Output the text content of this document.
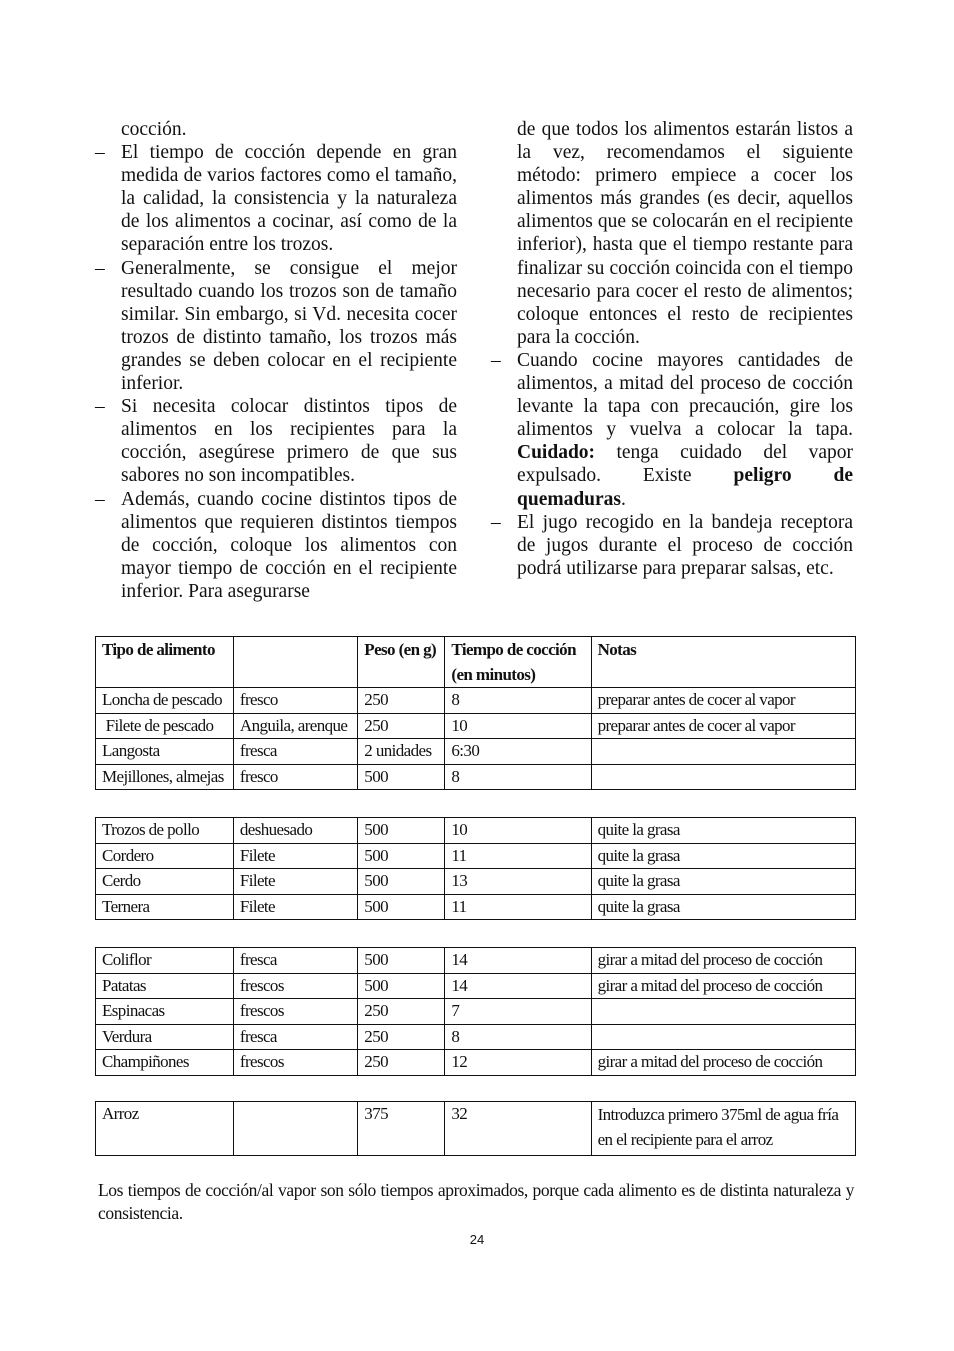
cocción.

– El tiempo de cocción depende en gran medida de varios factores como el tamaño, la calidad, la consistencia y la naturaleza de los alimentos a cocinar, así como de la separación entre los trozos.

– Generalmente, se consigue el mejor resultado cuando los trozos son de tamaño similar. Sin embargo, si Vd. necesita cocer trozos de distinto tamaño, los trozos más grandes se deben colocar en el recipiente inferior.

– Si necesita colocar distintos tipos de alimentos en los recipientes para la cocción, asegúrese primero de que sus sabores no son incompatibles.

– Además, cuando cocine distintos tipos de alimentos que requieren distintos tiempos de cocción, coloque los alimentos con mayor tiempo de cocción en el recipiente inferior. Para asegurarse

de que todos los alimentos estarán listos a la vez, recomendamos el siguiente método: primero empiece a cocer los alimentos más grandes (es decir, aquellos alimentos que se colocarán en el recipiente inferior), hasta que el tiempo restante para finalizar su cocción coincida con el tiempo necesario para cocer el resto de alimentos; coloque entonces el resto de recipientes para la cocción.

– Cuando cocine mayores cantidades de alimentos, a mitad del proceso de cocción levante la tapa con precaución, gire los alimentos y vuelva a colocar la tapa. Cuidado: tenga cuidado del vapor expulsado. Existe peligro de quemaduras.

– El jugo recogido en la bandeja receptora de jugos durante el proceso de cocción podrá utilizarse para preparar salsas, etc.

Tipo de alimento		Peso (en g)	Tiempo de cocción (en minutos)	Notas
Loncha de pescado	fresco	250	8	preparar antes de cocer al vapor
Filete de pescado	Anguila, arenque	250	10	preparar antes de cocer al vapor
Langosta	fresca	2 unidades	6:30	
Mejillones, almejas	fresco	500	8	
Trozos de pollo	deshuesado	500	10	quite la grasa
Cordero	Filete	500	11	quite la grasa
Cerdo	Filete	500	13	quite la grasa
Ternera	Filete	500	11	quite la grasa
Coliflor	fresca	500	14	girar a mitad del proceso de cocción
Patatas	frescos	500	14	girar a mitad del proceso de cocción
Espinacas	frescos	250	7	
Verdura	fresca	250	8	
Champiñones	frescos	250	12	girar a mitad del proceso de cocción
Arroz		375	32	Introduzca primero 375ml de agua fría en el recipiente para el arroz
Los tiempos de cocción/al vapor son sólo tiempos aproximados, porque cada alimento es de distinta naturaleza y consistencia.
24
